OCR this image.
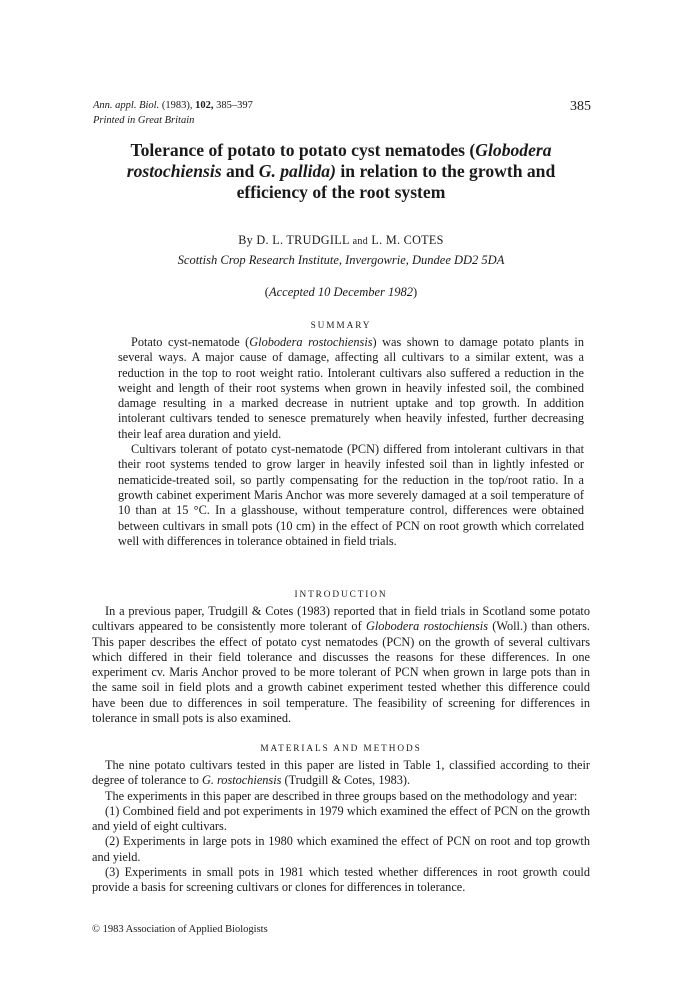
Ann. appl. Biol. (1983), 102, 385–397
Printed in Great Britain
385
Tolerance of potato to potato cyst nematodes (Globodera
rostochiensis and G. pallida) in relation to the growth and
efficiency of the root system
By D. L. TRUDGILL and L. M. COTES
Scottish Crop Research Institute, Invergowrie, Dundee DD2 5DA
(Accepted 10 December 1982)
SUMMARY

Potato cyst-nematode (Globodera rostochiensis) was shown to damage potato plants in several ways. A major cause of damage, affecting all cultivars to a similar extent, was a reduction in the top to root weight ratio. Intolerant cultivars also suffered a reduction in the weight and length of their root systems when grown in heavily infested soil, the combined damage resulting in a marked decrease in nutrient uptake and top growth. In addition intolerant cultivars tended to senesce prematurely when heavily infested, further decreasing their leaf area duration and yield.

Cultivars tolerant of potato cyst-nematode (PCN) differed from intolerant cultivars in that their root systems tended to grow larger in heavily infested soil than in lightly infested or nematicide-treated soil, so partly compensating for the reduction in the top/root ratio. In a growth cabinet experiment Maris Anchor was more severely damaged at a soil temperature of 10 than at 15 °C. In a glasshouse, without temperature control, differences were obtained between cultivars in small pots (10 cm) in the effect of PCN on root growth which correlated well with differences in tolerance obtained in field trials.

INTRODUCTION

In a previous paper, Trudgill & Cotes (1983) reported that in field trials in Scotland some potato cultivars appeared to be consistently more tolerant of Globodera rostochiensis (Woll.) than others. This paper describes the effect of potato cyst nematodes (PCN) on the growth of several cultivars which differed in their field tolerance and discusses the reasons for these differences. In one experiment cv. Maris Anchor proved to be more tolerant of PCN when grown in large pots than in the same soil in field plots and a growth cabinet experiment tested whether this difference could have been due to differences in soil temperature. The feasibility of screening for differences in tolerance in small pots is also examined.

MATERIALS AND METHODS

The nine potato cultivars tested in this paper are listed in Table 1, classified according to their degree of tolerance to G. rostochiensis (Trudgill & Cotes, 1983).

The experiments in this paper are described in three groups based on the methodology and year:

(1) Combined field and pot experiments in 1979 which examined the effect of PCN on the growth and yield of eight cultivars.

(2) Experiments in large pots in 1980 which examined the effect of PCN on root and top growth and yield.

(3) Experiments in small pots in 1981 which tested whether differences in root growth could provide a basis for screening cultivars or clones for differences in tolerance.

© 1983 Association of Applied Biologists
